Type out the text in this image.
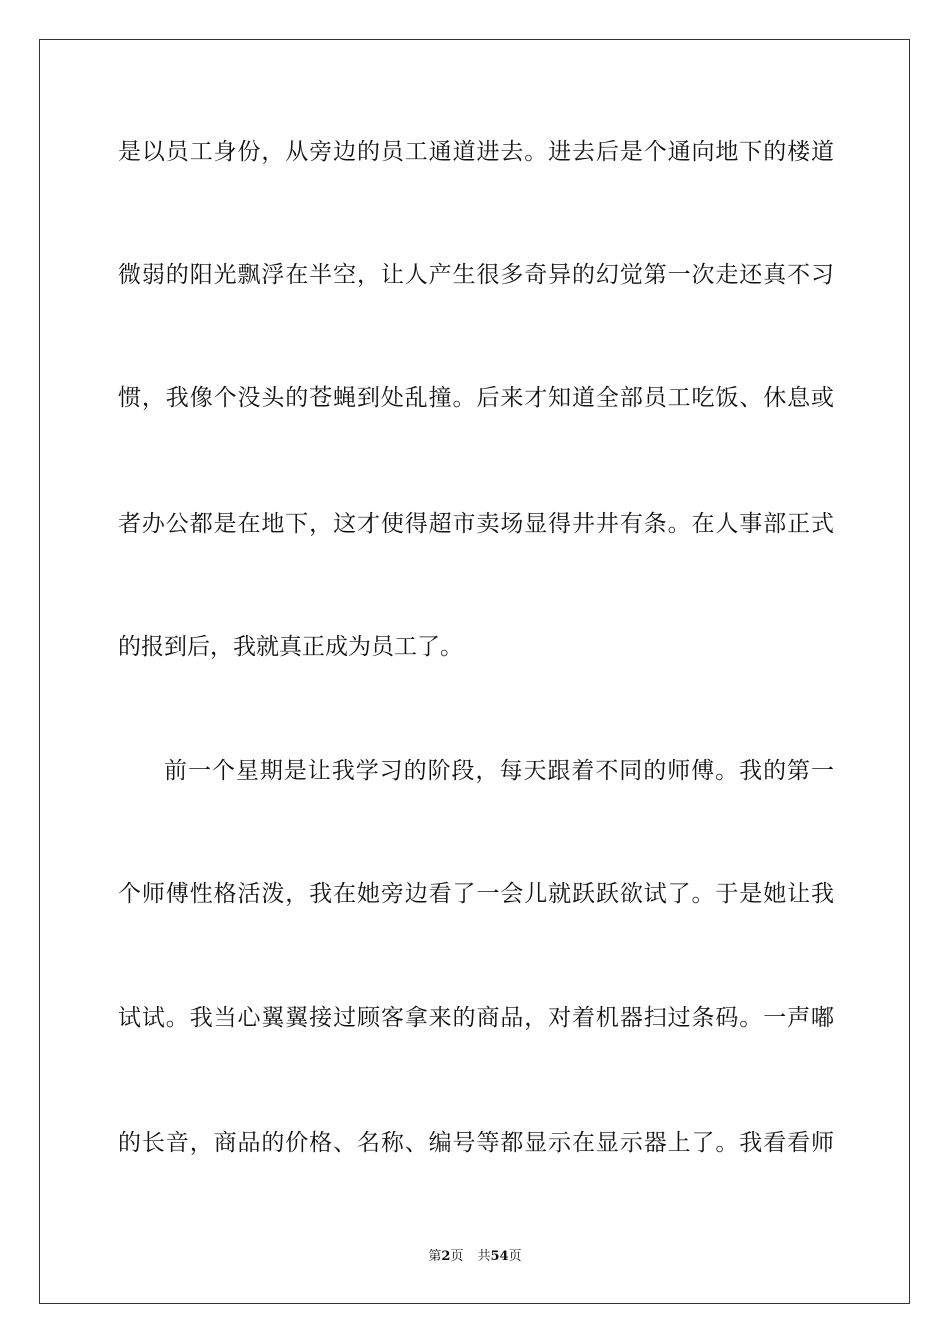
是以员工身份，从旁边的员工通道进去。进去后是个通向地下的楼道
微弱的阳光飘浮在半空，让人产生很多奇异的幻觉第一次走还真不习
惯，我像个没头的苍蝇到处乱撞。后来才知道全部员工吃饭、休息或
者办公都是在地下，这才使得超市卖场显得井井有条。在人事部正式
的报到后，我就真正成为员工了。
前一个星期是让我学习的阶段，每天跟着不同的师傅。我的第一
个师傅性格活泼，我在她旁边看了一会儿就跃跃欲试了。于是她让我
试试。我当心翼翼接过顾客拿来的商品，对着机器扫过条码。一声嘟
的长音，商品的价格、名称、编号等都显示在显示器上了。我看看师
第2页 共54页
